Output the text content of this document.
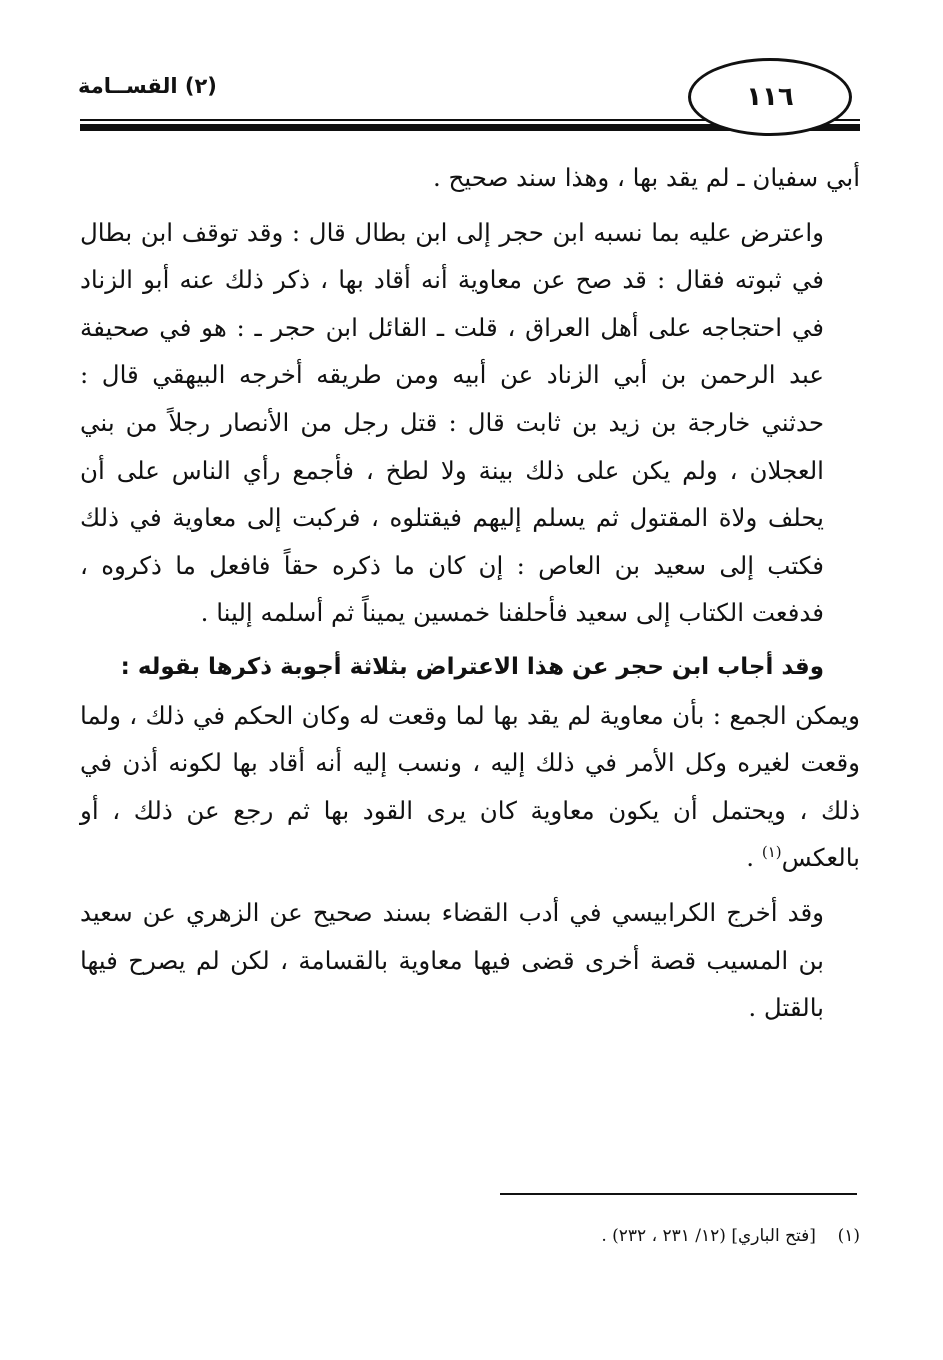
(٢) القســامة	١١٦

أبي سفيان ـ لم يقد بها ، وهذا سند صحيح .

واعترض عليه بما نسبه ابن حجر إلى ابن بطال قال : وقد توقف ابن بطال في ثبوته فقال : قد صح عن معاوية أنه أقاد بها ، ذكر ذلك عنه أبو الزناد في احتجاجه على أهل العراق ، قلت ـ القائل ابن حجر ـ : هو في صحيفة عبد الرحمن بن أبي الزناد عن أبيه ومن طريقه أخرجه البيهقي قال : حدثني خارجة بن زيد بن ثابت قال : قتل رجل من الأنصار رجلاً من بني العجلان ، ولم يكن على ذلك بينة ولا لطخ ، فأجمع رأي الناس على أن يحلف ولاة المقتول ثم يسلم إليهم فيقتلوه ، فركبت إلى معاوية في ذلك فكتب إلى سعيد بن العاص : إن كان ما ذكره حقاً فافعل ما ذكروه ، فدفعت الكتاب إلى سعيد فأحلفنا خمسين يميناً ثم أسلمه إلينا .

وقد أجاب ابن حجر عن هذا الاعتراض بثلاثة أجوبة ذكرها بقوله :

ويمكن الجمع : بأن معاوية لم يقد بها لما وقعت له وكان الحكم في ذلك ، ولما وقعت لغيره وكل الأمر في ذلك إليه ، ونسب إليه أنه أقاد بها لكونه أذن في ذلك ، ويحتمل أن يكون معاوية كان يرى القود بها ثم رجع عن ذلك ، أو بالعكس$^{(١)}$ .

وقد أخرج الكرابيسي في أدب القضاء بسند صحيح عن الزهري عن سعيد بن المسيب قصة أخرى قضى فيها معاوية بالقسامة ، لكن لم يصرح فيها بالقتل .

(١)    [فتح الباري] (١٢/ ٢٣١ ، ٢٣٢) .
